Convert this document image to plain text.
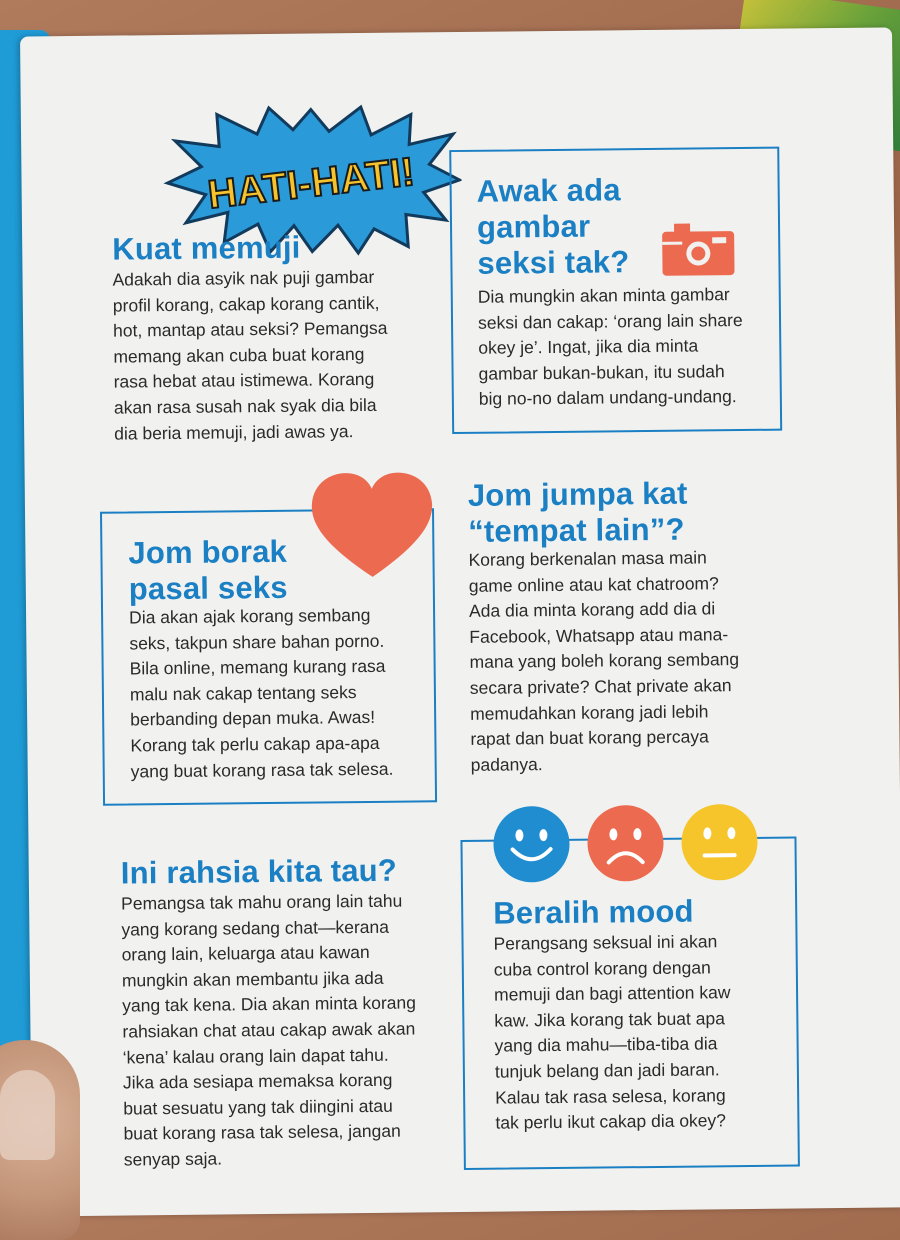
HATI-HATI!
Kuat memuji
Adakah dia asyik nak puji gambar
profil korang, cakap korang cantik,
hot, mantap atau seksi? Pemangsa
memang akan cuba buat korang
rasa hebat atau istimewa. Korang
akan rasa susah nak syak dia bila
dia beria memuji, jadi awas ya.
Awak ada
gambar
seksi tak?
Dia mungkin akan minta gambar
seksi dan cakap: ‘orang lain share
okey je’. Ingat, jika dia minta
gambar bukan-bukan, itu sudah
big no-no dalam undang-undang.
Jom borak
pasal seks
Dia akan ajak korang sembang
seks, takpun share bahan porno.
Bila online, memang kurang rasa
malu nak cakap tentang seks
berbanding depan muka. Awas!
Korang tak perlu cakap apa-apa
yang buat korang rasa tak selesa.
Jom jumpa kat
“tempat lain”?
Korang berkenalan masa main
game online atau kat chatroom?
Ada dia minta korang add dia di
Facebook, Whatsapp atau mana-
mana yang boleh korang sembang
secara private? Chat private akan
memudahkan korang jadi lebih
rapat dan buat korang percaya
padanya.
Ini rahsia kita tau?
Pemangsa tak mahu orang lain tahu
yang korang sedang chat—kerana
orang lain, keluarga atau kawan
mungkin akan membantu jika ada
yang tak kena. Dia akan minta korang
rahsiakan chat atau cakap awak akan
‘kena’ kalau orang lain dapat tahu.
Jika ada sesiapa memaksa korang
buat sesuatu yang tak diingini atau
buat korang rasa tak selesa, jangan
senyap saja.
Beralih mood
Perangsang seksual ini akan
cuba control korang dengan
memuji dan bagi attention kaw
kaw. Jika korang tak buat apa
yang dia mahu—tiba-tiba dia
tunjuk belang dan jadi baran.
Kalau tak rasa selesa, korang
tak perlu ikut cakap dia okey?
